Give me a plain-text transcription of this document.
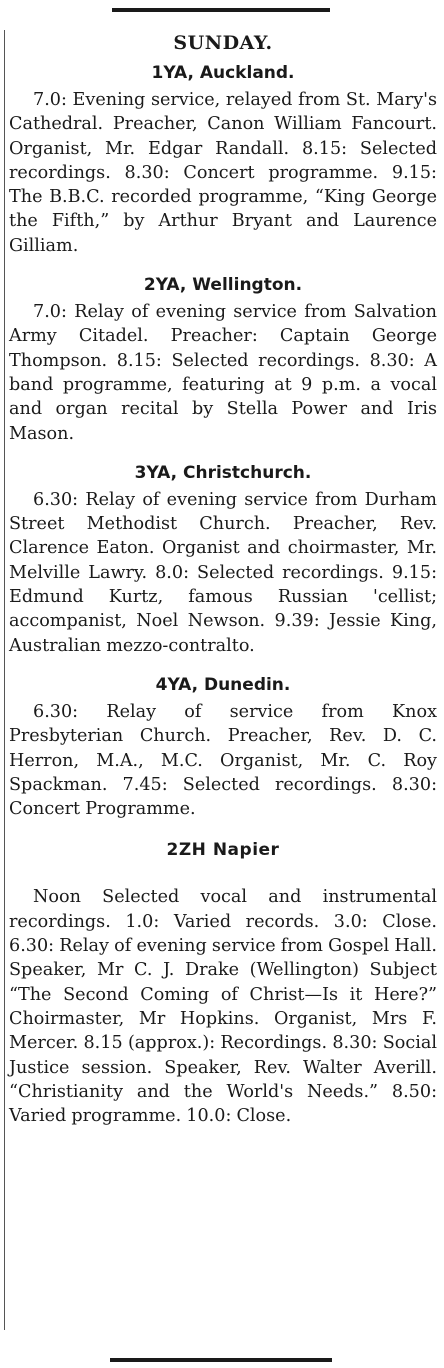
SUNDAY.
1YA, Auckland.

7.0: Evening service, relayed from St. Mary's Cathedral. Preacher, Canon William Fancourt. Organist, Mr. Edgar Randall. 8.15: Selected recordings. 8.30: Concert programme. 9.15: The B.B.C. recorded programme, “King George the Fifth,” by Arthur Bryant and Laurence Gilliam.

2YA, Wellington.

7.0: Relay of evening service from Salvation Army Citadel. Preacher: Captain George Thompson. 8.15: Selected recordings. 8.30: A band programme, featuring at 9 p.m. a vocal and organ recital by Stella Power and Iris Mason.

3YA, Christchurch.

6.30: Relay of evening service from Durham Street Methodist Church. Preacher, Rev. Clarence Eaton. Organist and choirmaster, Mr. Melville Lawry. 8.0: Selected recordings. 9.15: Edmund Kurtz, famous Russian 'cellist; accompanist, Noel Newson. 9.39: Jessie King, Australian mezzo-contralto.

4YA, Dunedin.

6.30: Relay of service from Knox Presbyterian Church. Preacher, Rev. D. C. Herron, M.A., M.C. Organist, Mr. C. Roy Spackman. 7.45: Selected recordings. 8.30: Concert Programme.

2ZH Napier

Noon Selected vocal and instrumental recordings. 1.0: Varied records. 3.0: Close. 6.30: Relay of evening service from Gospel Hall. Speaker, Mr C. J. Drake (Wellington) Subject “The Second Coming of Christ—Is it Here?” Choirmaster, Mr Hopkins. Organist, Mrs F. Mercer. 8.15 (approx.): Recordings. 8.30: Social Justice session. Speaker, Rev. Walter Averill. “Christianity and the World's Needs.” 8.50: Varied programme. 10.0: Close.
